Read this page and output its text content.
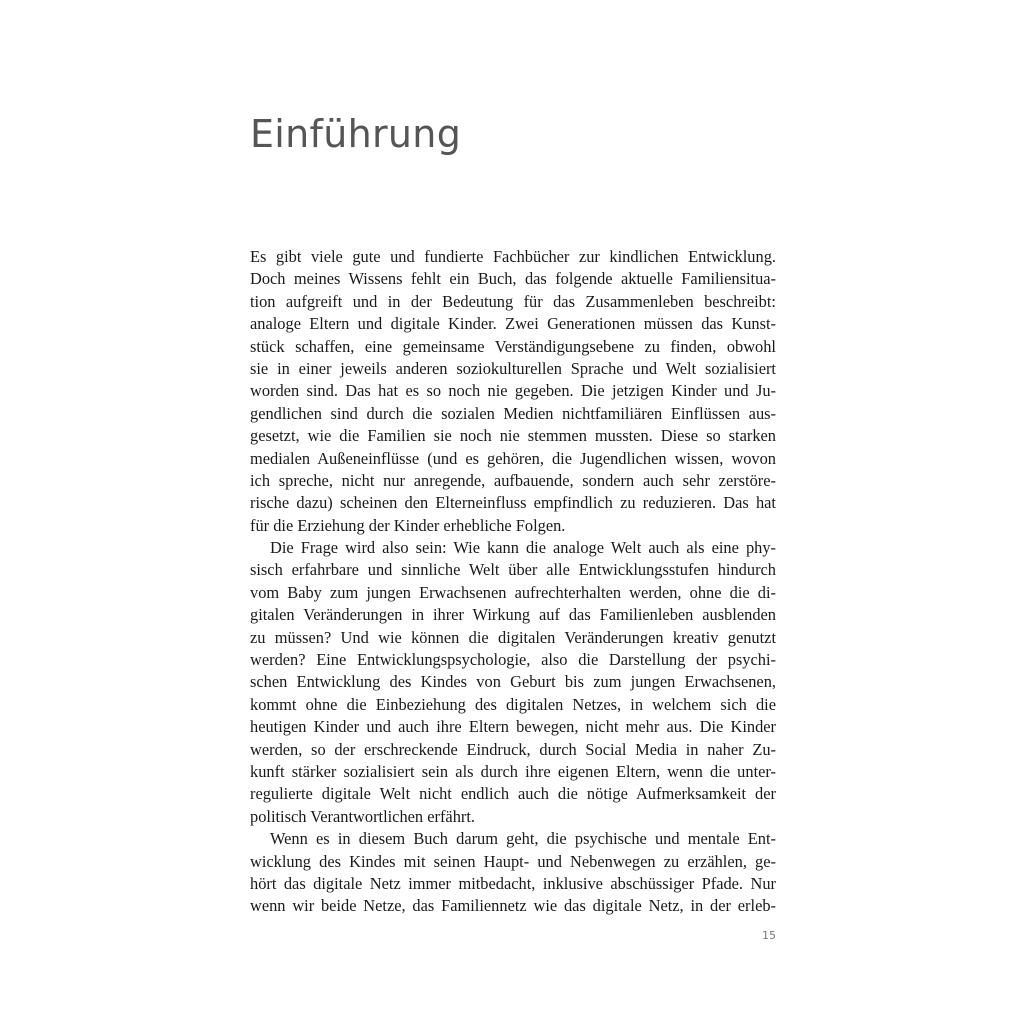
Einführung
Es gibt viele gute und fundierte Fachbücher zur kindlichen Entwicklung.
Doch meines Wissens fehlt ein Buch, das folgende aktuelle Familiensitua-
tion aufgreift und in der Bedeutung für das Zusammenleben beschreibt:
analoge Eltern und digitale Kinder. Zwei Generationen müssen das Kunst-
stück schaffen, eine gemeinsame Verständigungsebene zu finden, obwohl
sie in einer jeweils anderen soziokulturellen Sprache und Welt sozialisiert
worden sind. Das hat es so noch nie gegeben. Die jetzigen Kinder und Ju-
gendlichen sind durch die sozialen Medien nichtfamiliären Einflüssen aus-
gesetzt, wie die Familien sie noch nie stemmen mussten. Diese so starken
medialen Außeneinflüsse (und es gehören, die Jugendlichen wissen, wovon
ich spreche, nicht nur anregende, aufbauende, sondern auch sehr zerstöre-
rische dazu) scheinen den Elterneinfluss empfindlich zu reduzieren. Das hat
für die Erziehung der Kinder erhebliche Folgen.
Die Frage wird also sein: Wie kann die analoge Welt auch als eine phy-
sisch erfahrbare und sinnliche Welt über alle Entwicklungsstufen hindurch
vom Baby zum jungen Erwachsenen aufrechterhalten werden, ohne die di-
gitalen Veränderungen in ihrer Wirkung auf das Familienleben ausblenden
zu müssen? Und wie können die digitalen Veränderungen kreativ genutzt
werden? Eine Entwicklungspsychologie, also die Darstellung der psychi-
schen Entwicklung des Kindes von Geburt bis zum jungen Erwachsenen,
kommt ohne die Einbeziehung des digitalen Netzes, in welchem sich die
heutigen Kinder und auch ihre Eltern bewegen, nicht mehr aus. Die Kinder
werden, so der erschreckende Eindruck, durch Social Media in naher Zu-
kunft stärker sozialisiert sein als durch ihre eigenen Eltern, wenn die unter-
regulierte digitale Welt nicht endlich auch die nötige Aufmerksamkeit der
politisch Verantwortlichen erfährt.
Wenn es in diesem Buch darum geht, die psychische und mentale Ent-
wicklung des Kindes mit seinen Haupt- und Nebenwegen zu erzählen, ge-
hört das digitale Netz immer mitbedacht, inklusive abschüssiger Pfade. Nur
wenn wir beide Netze, das Familiennetz wie das digitale Netz, in der erleb-
15
